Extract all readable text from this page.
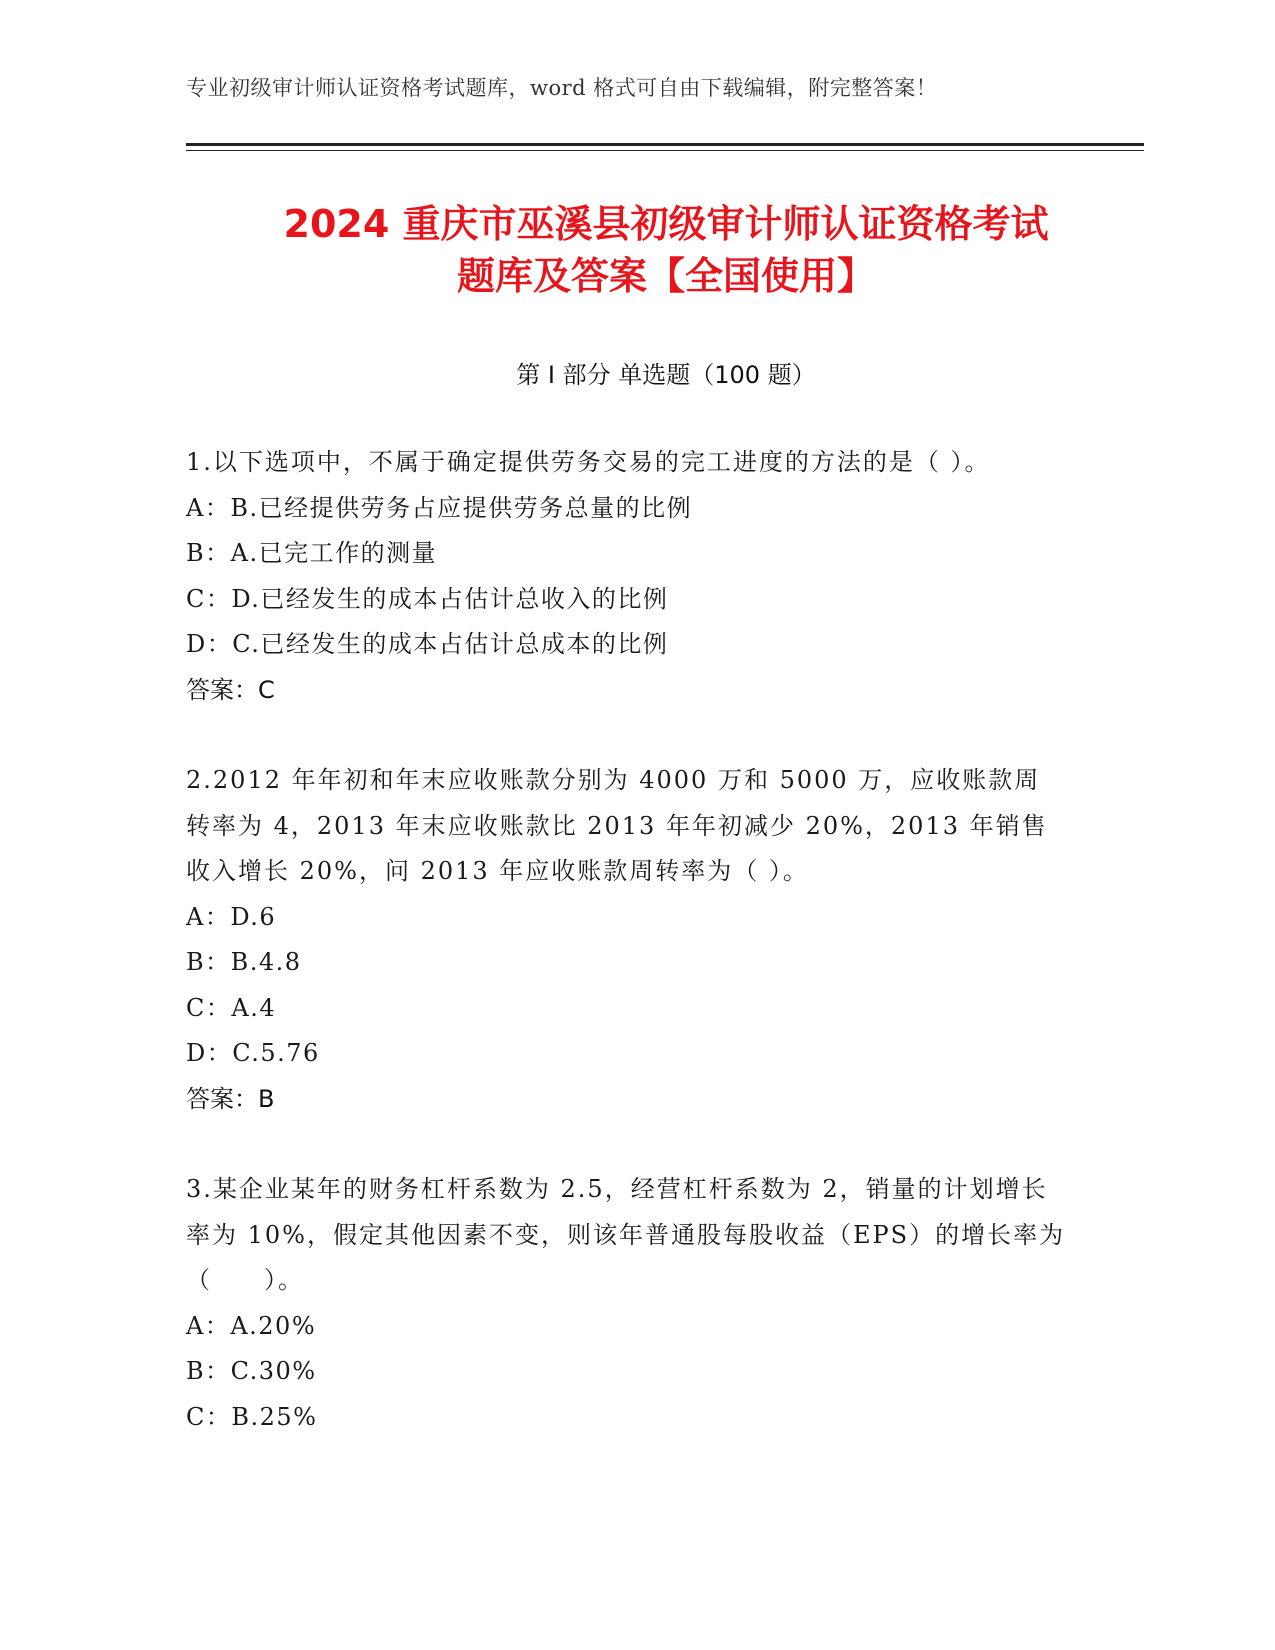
专业初级审计师认证资格考试题库，word 格式可自由下载编辑，附完整答案！
2024 重庆市巫溪县初级审计师认证资格考试
题库及答案【全国使用】
第 I 部分 单选题（100 题）
1.以下选项中，不属于确定提供劳务交易的完工进度的方法的是（ ）。
A：B.已经提供劳务占应提供劳务总量的比例
B：A.已完工作的测量
C：D.已经发生的成本占估计总收入的比例
D：C.已经发生的成本占估计总成本的比例
答案：C
2.2012 年年初和年末应收账款分别为 4000 万和 5000 万，应收账款周转率为 4，2013 年末应收账款比 2013 年年初减少 20%，2013 年销售收入增长 20%，问 2013 年应收账款周转率为（ ）。
A：D.6
B：B.4.8
C：A.4
D：C.5.76
答案：B
3.某企业某年的财务杠杆系数为 2.5，经营杠杆系数为 2，销量的计划增长率为 10%，假定其他因素不变，则该年普通股每股收益（EPS）的增长率为（　　）。
A：A.20%
B：C.30%
C：B.25%
